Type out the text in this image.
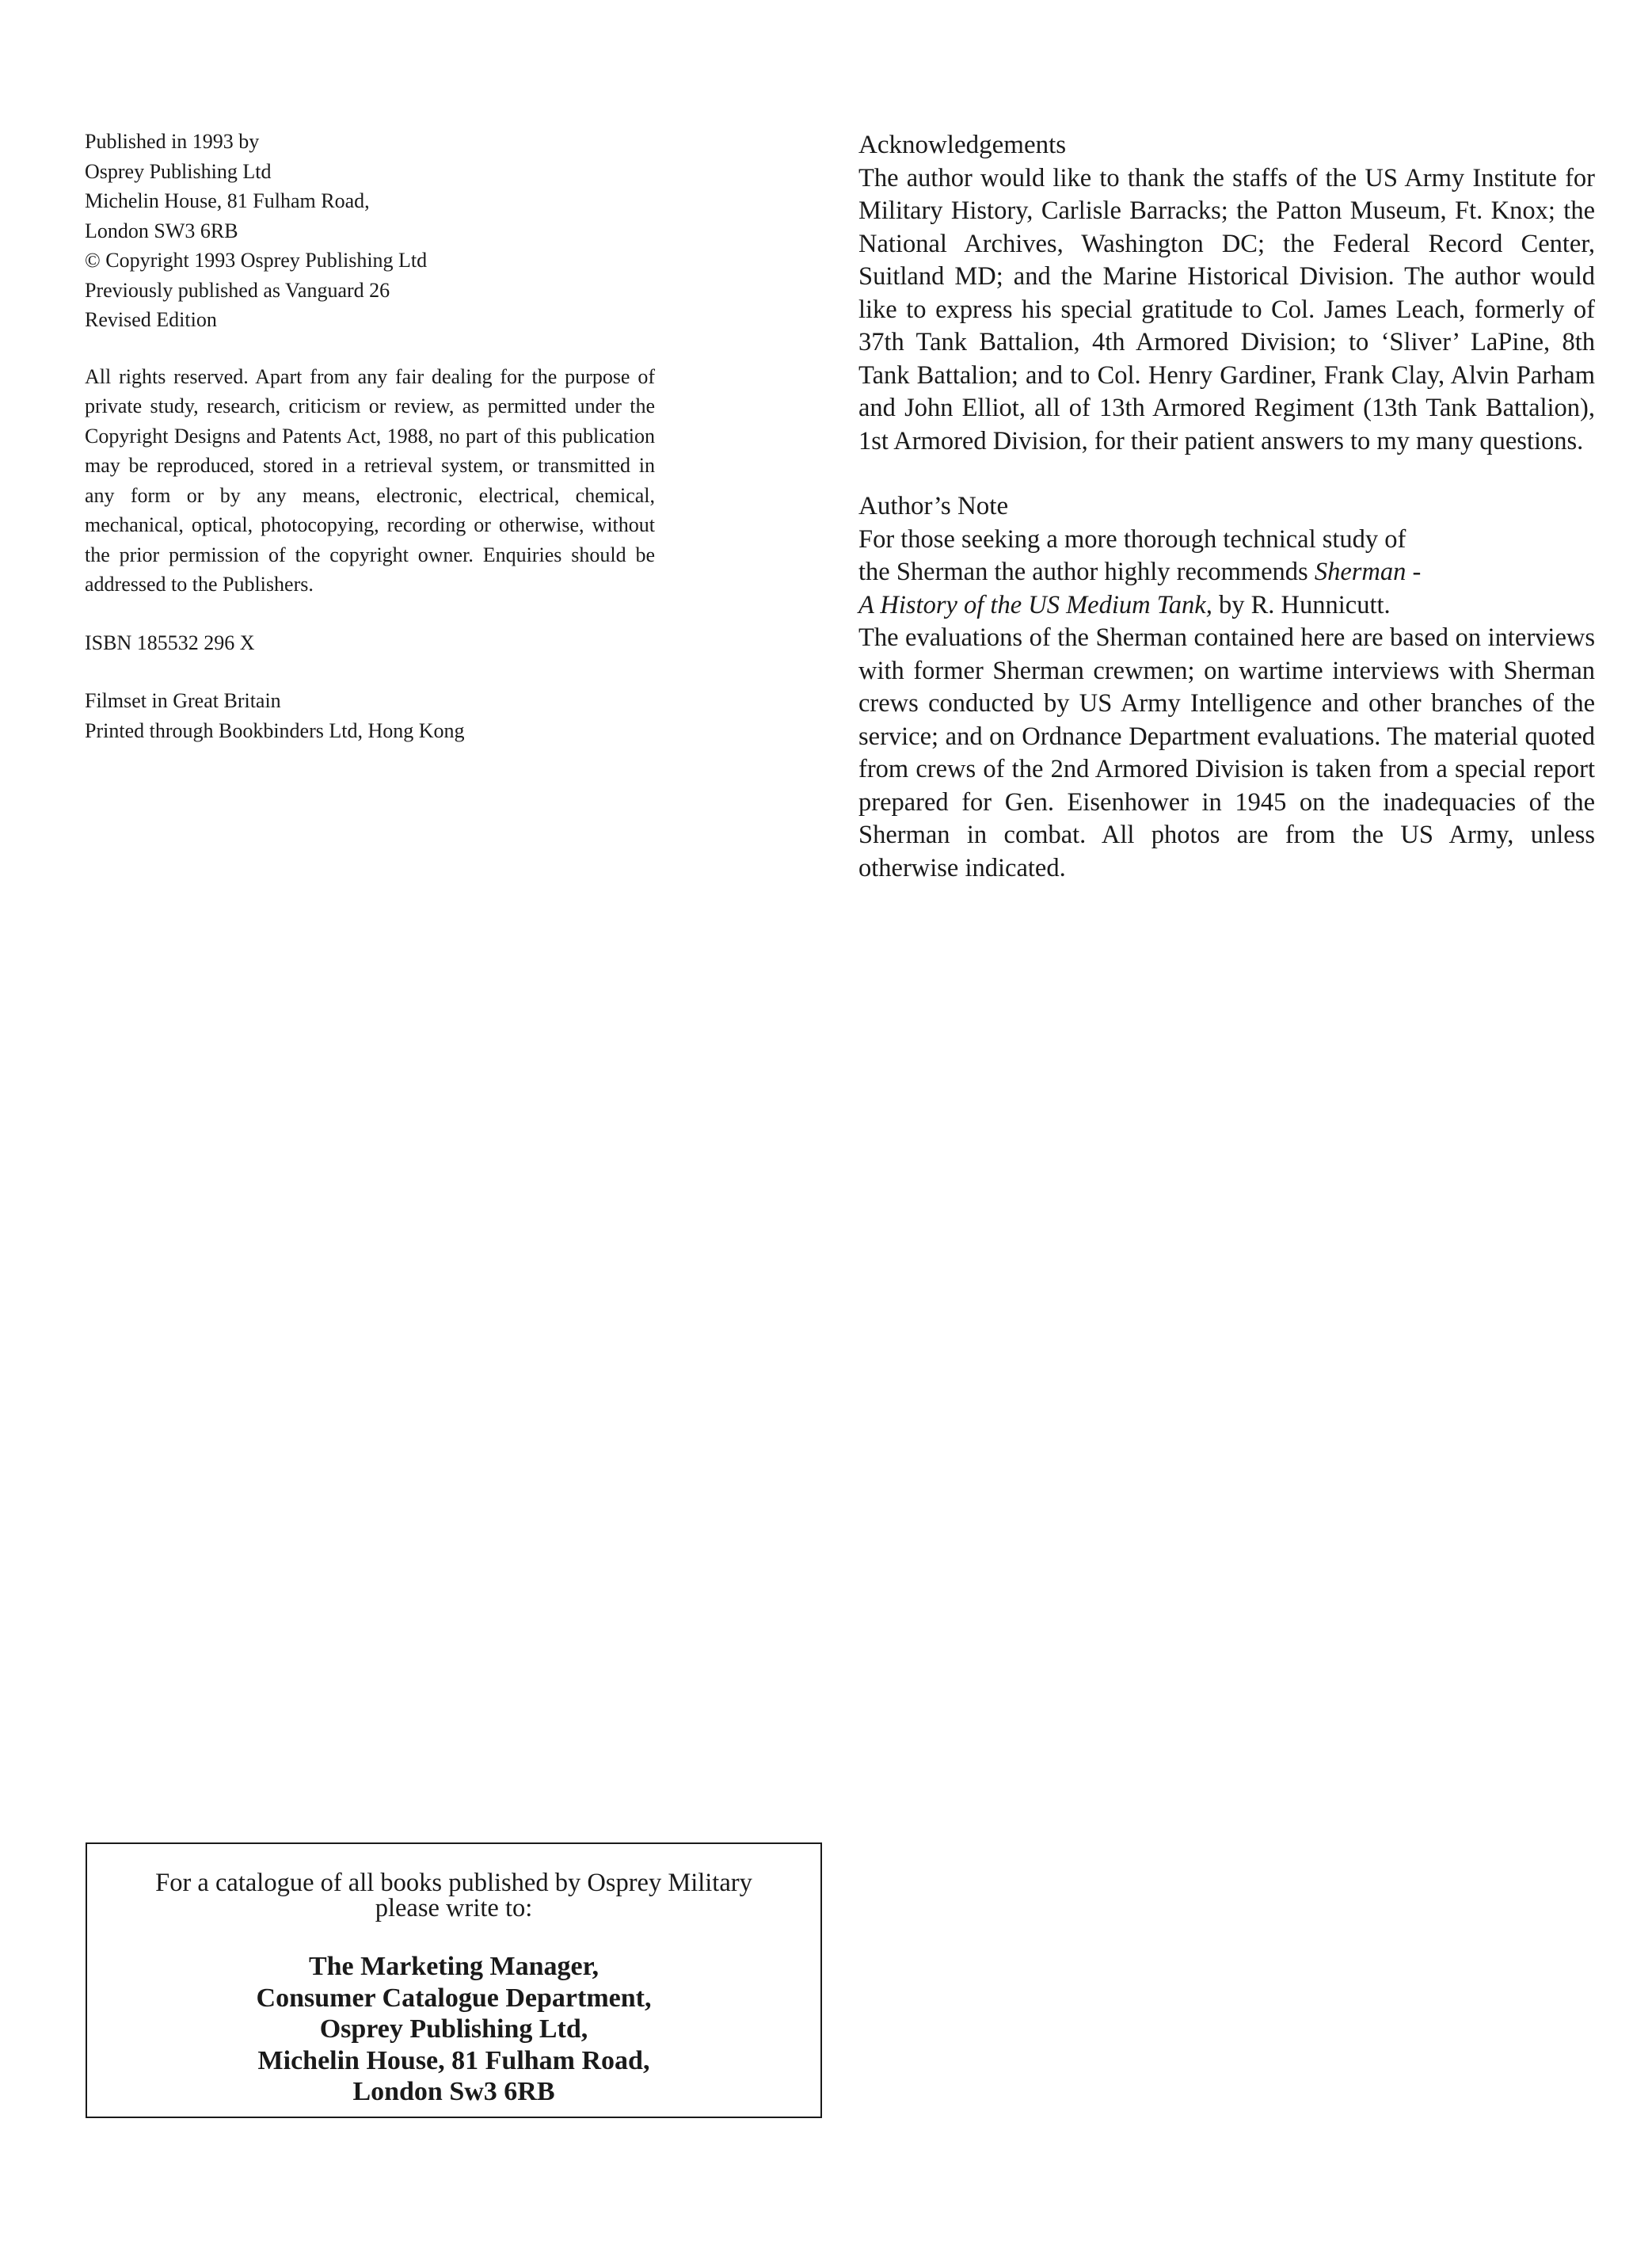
Published in 1993 by
Osprey Publishing Ltd
Michelin House, 81 Fulham Road,
London SW3 6RB
© Copyright 1993 Osprey Publishing Ltd
Previously published as Vanguard 26
Revised Edition

All rights reserved. Apart from any fair dealing for the purpose of private study, research, criticism or review, as permitted under the Copyright Designs and Patents Act, 1988, no part of this publication may be reproduced, stored in a retrieval system, or transmitted in any form or by any means, electronic, electrical, chemical, mechanical, optical, photocopying, recording or otherwise, without the prior permission of the copyright owner. Enquiries should be addressed to the Publishers.

ISBN 185532 296 X

Filmset in Great Britain

Printed through Bookbinders Ltd, Hong Kong

Acknowledgements

The author would like to thank the staffs of the US Army Institute for Military History, Carlisle Barracks; the Patton Museum, Ft. Knox; the National Archives, Washington DC; the Federal Record Center, Suitland MD; and the Marine Historical Division. The author would like to express his special gratitude to Col. James Leach, formerly of 37th Tank Battalion, 4th Armored Division; to ‘Sliver’ LaPine, 8th Tank Battalion; and to Col. Henry Gardiner, Frank Clay, Alvin Parham and John Elliot, all of 13th Armored Regiment (13th Tank Battalion), 1st Armored Division, for their patient answers to my many questions.

Author’s Note
For those seeking a more thorough technical study of
the Sherman the author highly recommends Sherman -
A History of the US Medium Tank, by R. Hunnicutt.

The evaluations of the Sherman contained here are based on interviews with former Sherman crewmen; on wartime interviews with Sherman crews conducted by US Army Intelligence and other branches of the service; and on Ordnance Department evaluations. The material quoted from crews of the 2nd Armored Division is taken from a special report prepared for Gen. Eisenhower in 1945 on the inadequacies of the Sherman in combat. All photos are from the US Army, unless otherwise indicated.

For a catalogue of all books published by Osprey Military
please write to:

The Marketing Manager,
Consumer Catalogue Department,
Osprey Publishing Ltd,
Michelin House, 81 Fulham Road,
London Sw3 6RB
